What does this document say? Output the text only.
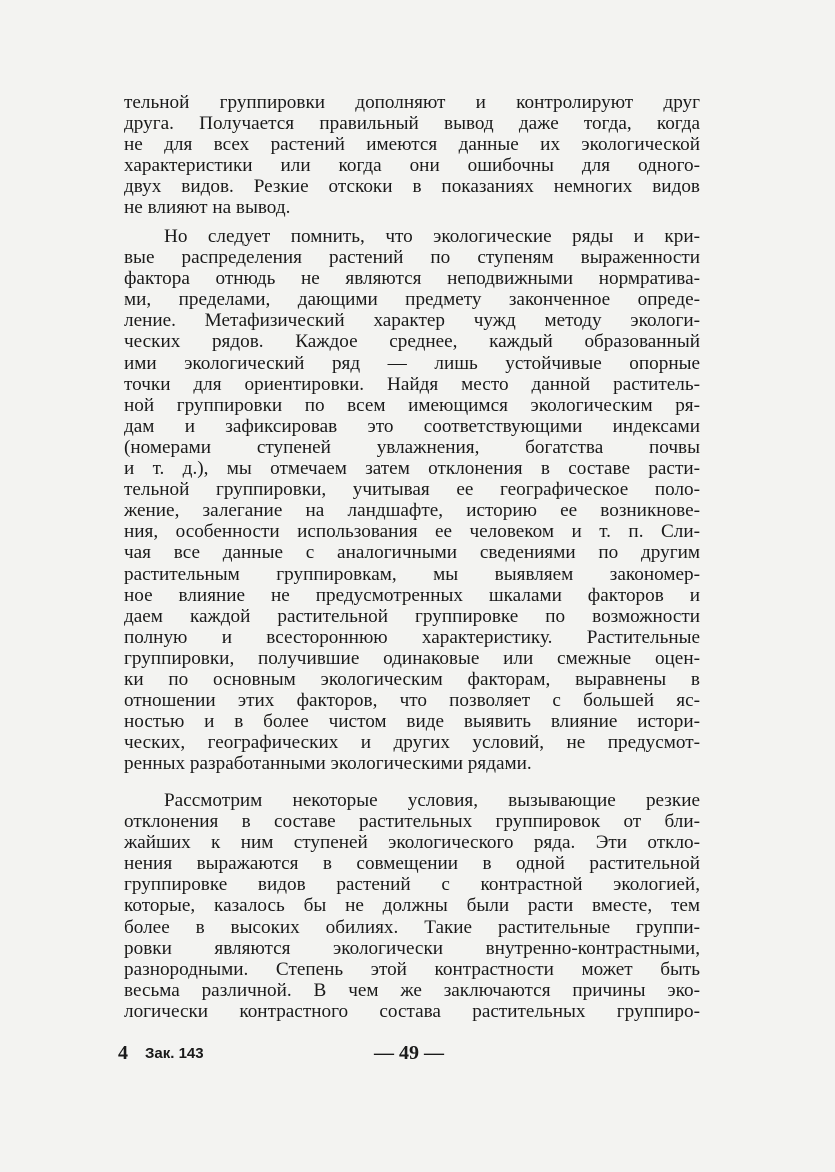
тельной группировки дополняют и контролируют друг
друга. Получается правильный вывод даже тогда, когда
не для всех растений имеются данные их экологической
характеристики или когда они ошибочны для одного-
двух видов. Резкие отскоки в показаниях немногих видов
не влияют на вывод.
Но следует помнить, что экологические ряды и кри-
вые распределения растений по ступеням выраженности
фактора отнюдь не являются неподвижными нормратива-
ми, пределами, дающими предмету законченное опреде-
ление. Метафизический характер чужд методу экологи-
ческих рядов. Каждое среднее, каждый образованный
ими экологический ряд — лишь устойчивые опорные
точки для ориентировки. Найдя место данной раститель-
ной группировки по всем имеющимся экологическим ря-
дам и зафиксировав это соответствующими индексами
(номерами ступеней увлажнения, богатства почвы
и т. д.), мы отмечаем затем отклонения в составе расти-
тельной группировки, учитывая ее географическое поло-
жение, залегание на ландшафте, историю ее возникнове-
ния, особенности использования ее человеком и т. п. Сли-
чая все данные с аналогичными сведениями по другим
растительным группировкам, мы выявляем закономер-
ное влияние не предусмотренных шкалами факторов и
даем каждой растительной группировке по возможности
полную и всестороннюю характеристику. Растительные
группировки, получившие одинаковые или смежные оцен-
ки по основным экологическим факторам, выравнены в
отношении этих факторов, что позволяет с большей яс-
ностью и в более чистом виде выявить влияние истори-
ческих, географических и других условий, не предусмот-
ренных разработанными экологическими рядами.
Рассмотрим некоторые условия, вызывающие резкие
отклонения в составе растительных группировок от бли-
жайших к ним ступеней экологического ряда. Эти откло-
нения выражаются в совмещении в одной растительной
группировке видов растений с контрастной экологией,
которые, казалось бы не должны были расти вместе, тем
более в высоких обилиях. Такие растительные группи-
ровки являются экологически внутренно-контрастными,
разнородными. Степень этой контрастности может быть
весьма различной. В чем же заключаются причины эко-
логически контрастного состава растительных группиро-
4 Зак. 143	— 49 —
